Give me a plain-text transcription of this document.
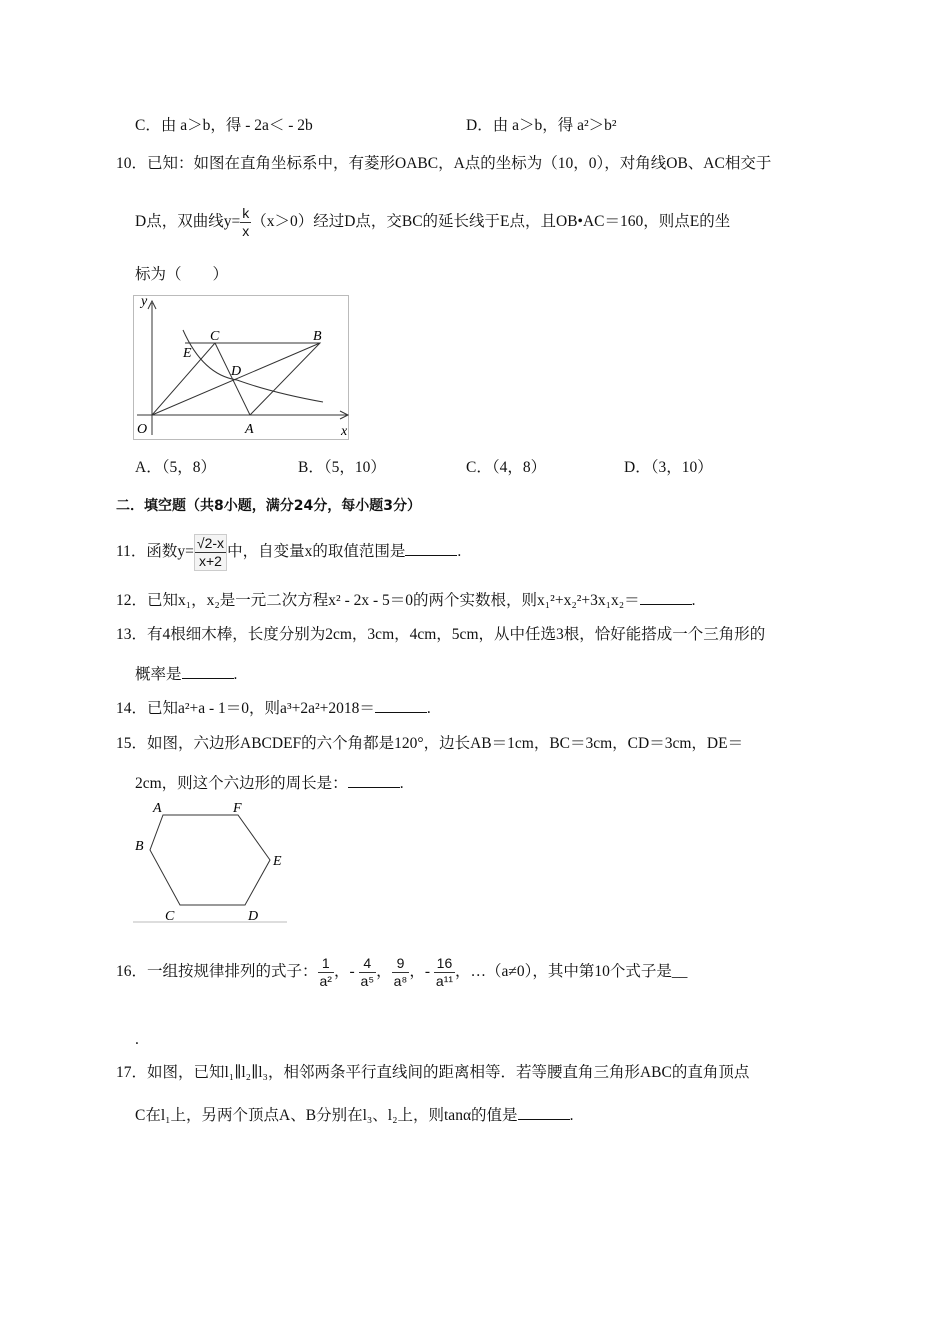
C．由 a＞b，得 - 2a＜ - 2b	D．由 a＞b，得 a²＞b²
10．已知：如图在直角坐标系中，有菱形OABC，A点的坐标为（10，0），对角线OB、AC相交于
D点，双曲线$y= \frac{k}{x} (x>0)$经过D点，交BC的延长线于E点，且OB•AC＝160，则点E的坐
标为（　　）
y
x
O	A
B
C
D
E
A．（5，8）	B．（5，10）	C．（4，8）	D．（3，10）
二．填空题（共8小题，满分24分，每小题3分）
11．函数$y= \frac{√2-x}{x+2}$ 中，自变量x的取值范围是	.
12．已知x₁，x₂是一元二次方程x² - 2x - 5＝0的两个实数根，则x₁²+x₂²+3x₁x₂＝	.
13．有4根细木棒，长度分别为2cm，3cm，4cm，5cm，从中任选3根，恰好能搭成一个三角形的
概率是	.
14．已知a²+a - 1＝0，则a³+2a²+2018＝	.
15．如图，六边形ABCDEF的六个角都是120°，边长AB＝1cm，BC＝3cm，CD＝3cm，DE＝
2cm，则这个六边形的周长是：	.
A	F
E
D
C
B
16．一组按规律排列的式子： $\frac{1}{\text{a²}}$ ，- $\frac{4}{\text{a⁵}}$ ， $\frac{9}{\text{a⁸}}$ ，- $\frac{16}{\text{a¹¹}}$ ，…（a≠0），其中第10个式子是__
.
17．如图，已知l₁∥l₂∥l₃，相邻两条平行直线间的距离相等．若等腰直角三角形ABC的直角顶点
C在l₁上，另两个顶点A、B分别在l₃、l₂上，则tanα的值是	.
